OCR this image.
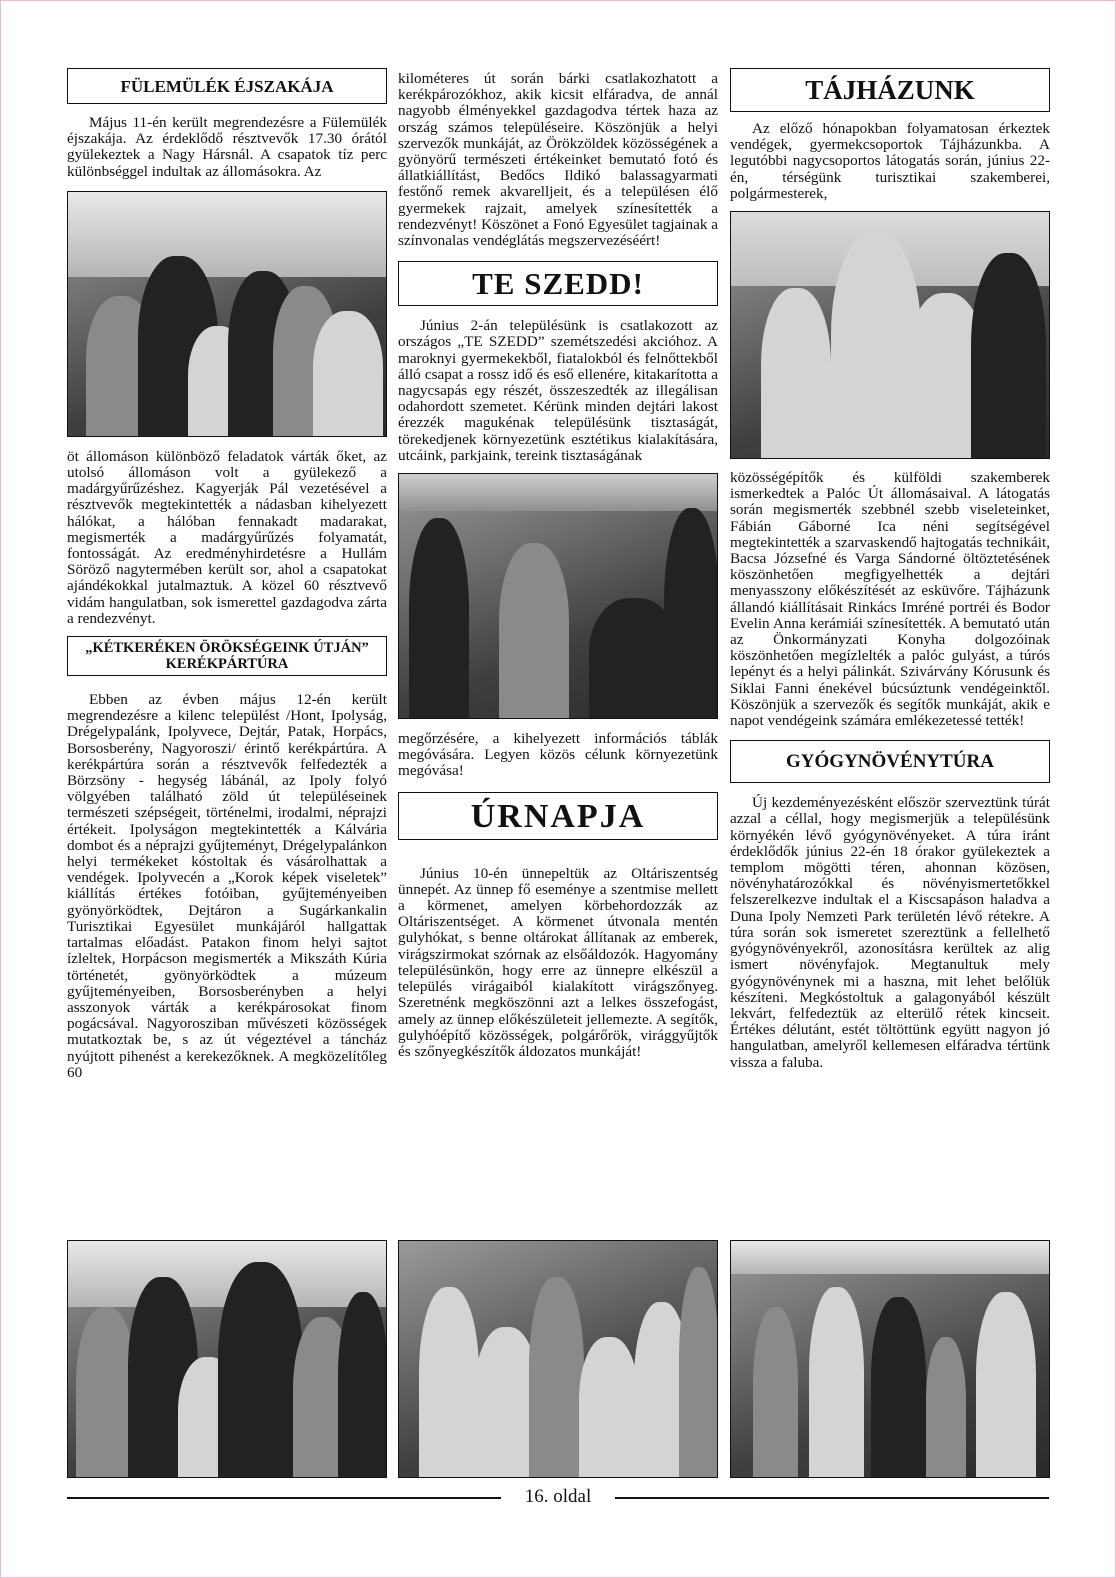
FÜLEMÜLÉK ÉJSZAKÁJA

Május 11-én került megrendezésre a Fülemülék éjszakája. Az érdeklődő résztvevők 17.30 órától gyülekeztek a Nagy Hársnál. A csapatok tíz perc különbséggel indultak az állomásokra. Az

öt állomáson különböző feladatok várták őket, az utolsó állomáson volt a gyülekező a madárgyűrűzéshez. Kagyerják Pál vezetésével a résztvevők megtekintették a nádasban kihelyezett hálókat, a hálóban fennakadt madarakat, megismerték a madárgyűrűzés folyamatát, fontosságát. Az eredményhirdetésre a Hullám Söröző nagytermében került sor, ahol a csapatokat ajándékokkal jutalmaztuk. A közel 60 résztvevő vidám hangulatban, sok ismerettel gazdagodva zárta a rendezvényt.

„KÉTKERÉKEN ÖRÖKSÉGEINK ÚTJÁN”
KERÉKPÁRTÚRA

Ebben az évben május 12-én került megrendezésre a kilenc települést /Hont, Ipolyság, Drégelypalánk, Ipolyvece, Dejtár, Patak, Horpács, Borsosberény, Nagyoroszi/ érintő kerékpártúra. A kerékpártúra során a résztvevők felfedezték a Börzsöny - hegység lábánál, az Ipoly folyó völgyében található zöld út településeinek természeti szépségeit, történelmi, irodalmi, néprajzi értékeit. Ipolyságon megtekintették a Kálvária dombot és a néprajzi gyűjteményt, Drégelypalánkon helyi termékeket kóstoltak és vásárolhattak a vendégek. Ipolyvecén a „Korok képek viseletek” kiállítás értékes fotóiban, gyűjteményeiben gyönyörködtek, Dejtáron a Sugárkankalin Turisztikai Egyesület munkájáról hallgattak tartalmas előadást. Patakon finom helyi sajtot ízleltek, Horpácson megismerték a Mikszáth Kúria történetét, gyönyörködtek a múzeum gyűjteményeiben, Borsosberényben a helyi asszonyok várták a kerékpárosokat finom pogácsával. Nagyorosziban művészeti közösségek mutatkoztak be, s az út végeztével a táncház nyújtott pihenést a kerekezőknek. A megközelítőleg 60

kilométeres út során bárki csatlakozhatott a kerékpározókhoz, akik kicsit elfáradva, de annál nagyobb élményekkel gazdagodva tértek haza az ország számos településeire. Köszönjük a helyi szervezők munkáját, az Örökzöldek közösségének a gyönyörű természeti értékeinket bemutató fotó és állatkiállítást, Bedőcs Ildikó balassagyarmati festőnő remek akvarelljeit, és a településen élő gyermekek rajzait, amelyek színesítették a rendezvényt! Köszönet a Fonó Egyesület tagjainak a színvonalas vendéglátás megszervezéséért!

TE SZEDD!

Június 2-án településünk is csatlakozott az országos „TE SZEDD” szemétszedési akcióhoz. A maroknyi gyermekekből, fiatalokból és felnőttekből álló csapat a rossz idő és eső ellenére, kitakarította a nagycsapás egy részét, összeszedték az illegálisan odahordott szemetet. Kérünk minden dejtári lakost érezzék magukénak településünk tisztaságát, törekedjenek környezetünk esztétikus kialakítására, utcáink, parkjaink, tereink tisztaságának

megőrzésére, a kihelyezett információs táblák megóvására. Legyen közös célunk környezetünk megóvása!

ÚRNAPJA

Június 10-én ünnepeltük az Oltáriszentség ünnepét. Az ünnep fő eseménye a szentmise mellett a körmenet, amelyen körbehordozzák az Oltáriszentséget. A körmenet útvonala mentén gulyhókat, s benne oltárokat állítanak az emberek, virágszirmokat szórnak az elsőáldozók. Hagyomány településünkön, hogy erre az ünnepre elkészül a település virágaiból kialakított virágszőnyeg. Szeretnénk megköszönni azt a lelkes összefogást, amely az ünnep előkészületeit jellemezte. A segítők, gulyhóépítő közösségek, polgárőrök, virággyűjtők és szőnyegkészítők áldozatos munkáját!

TÁJHÁZUNK

Az előző hónapokban folyamatosan érkeztek vendégek, gyermekcsoportok Tájházunkba. A legutóbbi nagycsoportos látogatás során, június 22-én, térségünk turisztikai szakemberei, polgármesterek,

közösségépítők és külföldi szakemberek ismerkedtek a Palóc Út állomásaival. A látogatás során megismerték szebbnél szebb viseleteinket, Fábián Gáborné Ica néni segítségével megtekintették a szarvaskendő hajtogatás technikáit, Bacsa Józsefné és Varga Sándorné öltöztetésének köszönhetően megfigyelhették a dejtári menyasszony előkészítését az esküvőre. Tájházunk állandó kiállításait Rinkács Imréné portréi és Bodor Evelin Anna kerámiái színesítették. A bemutató után az Önkormányzati Konyha dolgozóinak köszönhetően megízlelték a palóc gulyást, a túrós lepényt és a helyi pálinkát. Szivárvány Kórusunk és Siklai Fanni énekével búcsúztunk vendégeinktől. Köszönjük a szervezők és segítők munkáját, akik e napot vendégeink számára emlékezetessé tették!

GYÓGYNÖVÉNYTÚRA

Új kezdeményezésként először szerveztünk túrát azzal a céllal, hogy megismerjük a településünk környékén lévő gyógynövényeket. A túra iránt érdeklődők június 22-én 18 órakor gyülekeztek a templom mögötti téren, ahonnan közösen, növényhatározókkal és növényismertetőkkel felszerelkezve indultak el a Kiscsapáson haladva a Duna Ipoly Nemzeti Park területén lévő rétekre. A túra során sok ismeretet szereztünk a fellelhető gyógynövényekről, azonosításra kerültek az alig ismert növényfajok. Megtanultuk mely gyógynövénynek mi a haszna, mit lehet belőlük készíteni. Megkóstoltuk a galagonyából készült lekvárt, felfedeztük az elterülő rétek kincseit. Értékes délutánt, estét töltöttünk együtt nagyon jó hangulatban, amelyről kellemesen elfáradva tértünk vissza a faluba.

16. oldal
